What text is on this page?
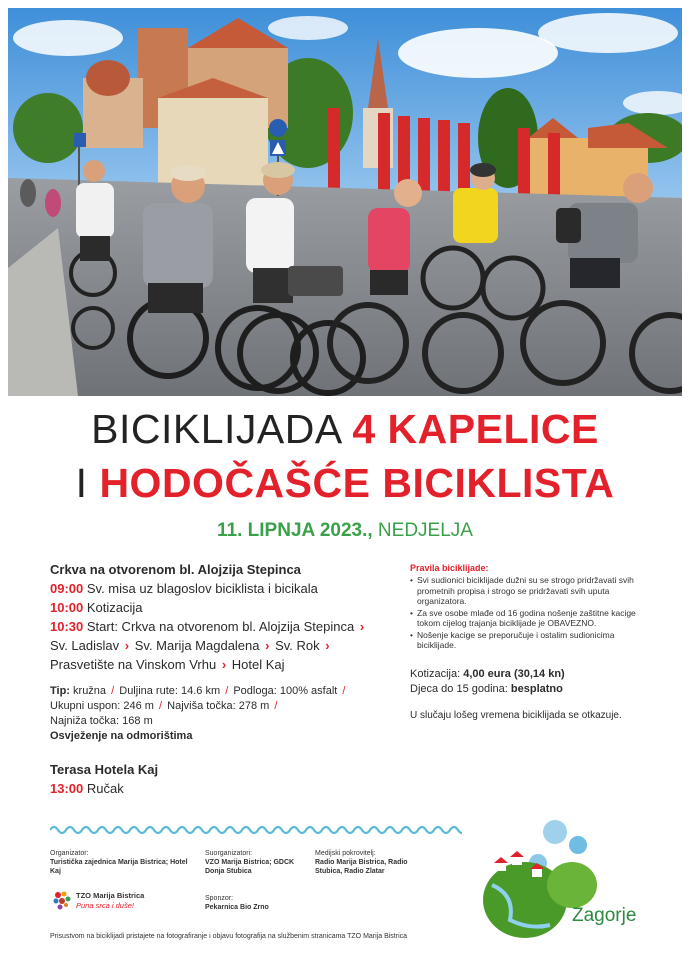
BICIKLIJADA 4 KAPELICE
I HODOČAŠĆE BICIKLISTA
11. LIPNJA 2023., NEDJELJA
Crkva na otvorenom bl. Alojzija Stepinca
09:00 Sv. misa uz blagoslov biciklista i bicikala
10:00 Kotizacija
10:30 Start: Crkva na otvorenom bl. Alojzija Stepinca › Sv. Ladislav › Sv. Marija Magdalena › Sv. Rok › Prasvetište na Vinskom Vrhu › Hotel Kaj
Tip: kružna / Duljina rute: 14.6 km / Podloga: 100% asfalt /
Ukupni uspon: 246 m / Najviša točka: 278 m /
Najniža točka: 168 m
Osvježenje na odmorištima
Terasa Hotela Kaj
13:00 Ručak
Pravila biciklijade:
• Svi sudionici biciklijade dužni su se strogo pridržavati svih prometnih propisa i strogo se pridržavati svih uputa organizatora.
• Za sve osobe mlađe od 16 godina nošenje zaštitne kacige tokom cijelog trajanja biciklijade je OBAVEZNO.
• Nošenje kacige se preporučuje i ostalim sudionicima biciklijade.
Kotizacija: 4,00 eura (30,14 kn)
Djeca do 15 godina: besplatno
U slučaju lošeg vremena biciklijada se otkazuje.
Organizator:
Turistička zajednica Marija Bistrica; Hotel Kaj
Suorganizatori:
VZO Marija Bistrica; GDCK Donja Stubica
Medijski pokrovitelj:
Radio Marija Bistrica, Radio Stubica, Radio Zlatar
Sponzor:
Pekarnica Bio Zrno
TZO Marija Bistrica
Puna srca i duše!
Prisustvom na biciklijadi pristajete na fotografiranje i objavu fotografija na službenim stranicama TZO Marija Bistrica
Zagorje
